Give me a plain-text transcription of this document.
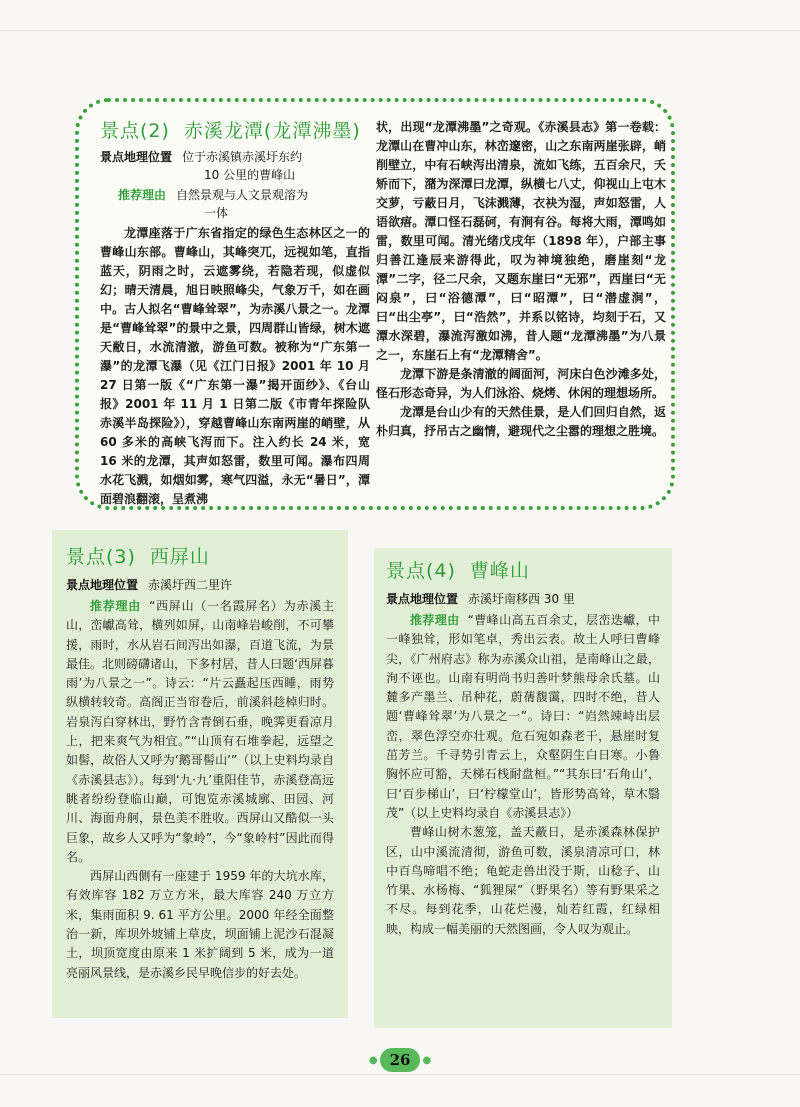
景点(2) 赤溪龙潭(龙潭沸墨)
景点地理位置 位于赤溪镇赤溪圩东约
10 公里的曹峰山
推荐理由 自然景观与人文景观溶为
一体

龙潭座落于广东省指定的绿色生态林区之一的曹峰山东部。曹峰山，其峰突兀，远视如笔，直指蓝天，阴雨之时，云遮雾绕，若隐若现，似虚似幻；晴天清晨，旭日映照峰尖，气象万千，如在画中。古人拟名“曹峰耸翠”，为赤溪八景之一。龙潭是“曹峰耸翠”的景中之景，四周群山皆绿，树木遮天敝日，水流清澈，游鱼可数。被称为“广东第一瀑”的龙潭飞瀑（见《江门日报》2001 年 10 月 27 日第一版《“广东第一瀑”揭开面纱》、《台山报》2001 年 11 月 1 日第二版《市青年探险队赤溪半岛探险》），穿越曹峰山东南两崖的峭壁，从 60 多米的高峡飞泻而下。注入约长 24 米，宽 16 米的龙潭，其声如怒雷，数里可闻。瀑布四周水花飞溅，如烟如雾，寒气四溢，永无“暑日”，潭面碧浪翻滚，呈煮沸

状，出现“龙潭沸墨”之奇观。《赤溪县志》第一卷载：龙潭山在曹冲山东，林峦邃密，山之东南两崖张辟，峭削壁立，中有石峡泻出清泉，流如飞练，五百余尺，夭矫而下，潴为深潭曰龙潭，纵横七八丈，仰视山上屯木交萝，亏蔽日月，飞沫溅薄，衣袂为湿，声如怒雷，人语欲痦。潭口怪石磊砢，有涧有谷。每将大雨，潭鸣如雷，数里可闻。清光绪戊戌年（1898 年），户部主事归善江逢辰来游得此，叹为神境独绝，磨崖刻“龙潭”二字，径二尺余，又题东崖曰“无邪”，西崖曰“无闷泉”，曰“浴德潭”，曰“昭潭”，曰“潜虚涧”，曰“出尘亭”，曰“浩然”，并系以铭诗，均刻于石，又潭水深碧，瀑流泻激如沸，昔人题“龙潭沸墨”为八景之一，东崖石上有“龙潭精舍”。

龙潭下游是条清澈的阔面河，河床白色沙滩多处，怪石形态奇异，为人们泳浴、烧烤、休闲的理想场所。

龙潭是台山少有的天然佳景，是人们回归自然，返朴归真，抒吊古之幽情，避现代之尘嚣的理想之胜境。

景点(3) 西屏山
景点地理位置 赤溪圩西二里许

推荐理由 “西屏山（一名霞屏名）为赤溪主山，峦巘高耸，横列如屏，山南峰岩峻削，不可攀援，雨时，水从岩石间泻出如瀑，百道飞流，为景最佳。北则磅礴诸山，下多村居，昔人曰题‘西屏暮雨’为八景之一”。诗云：“片云矗起压西睡，雨势纵横转较奇。高阁正当帘卷后，前溪斜趁棹归时。岩泉泻白穿林出，野竹含青倒石垂，晚霁更看凉月上，把来爽气为相宜。”“山顶有石堆拳起，远望之如髻，故俗人又呼为‘鹅哥髻山’”（以上史料均录自《赤溪县志》）。每到‘九·九’重阳佳节，赤溪登高远眺者纷纷登临山巅，可饱览赤溪城廓、田园、河川、海面舟舸，景色美不胜收。西屏山又酷似一头巨象，故乡人又呼为“象岭”，今“象岭村”因此而得名。

西屏山西侧有一座建于 1959 年的大坑水库，有效库容 182 万立方米，最大库容 240 万立方米，集雨面积 9. 61 平方公里。2000 年经全面整治一新，库坝外坡铺上草皮，坝面铺上泥沙石混凝土，坝顶宽度由原来 1 米扩阔到 5 米，成为一道亮丽风景线，是赤溪乡民早晚信步的好去处。

景点(4) 曹峰山
景点地理位置 赤溪圩南移西 30 里

推荐理由 “曹峰山高五百余丈，层峦迭巘，中一峰独耸，形如笔卓，秀出云表。故土人呼曰曹峰尖，《广州府志》称为赤溪众山祖，是南峰山之最，洵不诬也。山南有明尚书归善叶梦熊母余氏墓。山麓多产墨兰、吊种花，蔚蒨馥霭，四时不绝，昔人题‘曹峰耸翠’为八景之一”。诗曰：“岿然竦峙出层峦，翠色浮空亦壮观。危石宛如森老干，悬崖时复茁芳兰。千寻势引青云上，众壑阴生白日寒。小鲁胸怀应可豁，天梯石栈耐盘桓。”“其东曰‘石角山’，曰‘百步梯山’，曰‘柠檬堂山’，皆形势高耸，草木翳茂”（以上史料均录自《赤溪县志》）

曹峰山树木葱笼，盖天蔽日，是赤溪森林保护区，山中溪流清彻，游鱼可数，溪泉清凉可口，林中百鸟啼唱不绝；龟蛇走兽出没于斯，山稔子、山竹果、水杨梅、“狐狸屎”（野果名）等有野果采之不尽。每到花季，山花烂漫，灿若红霞，红绿相映，构成一幅美丽的天然图画，令人叹为观止。

● 26 ●
